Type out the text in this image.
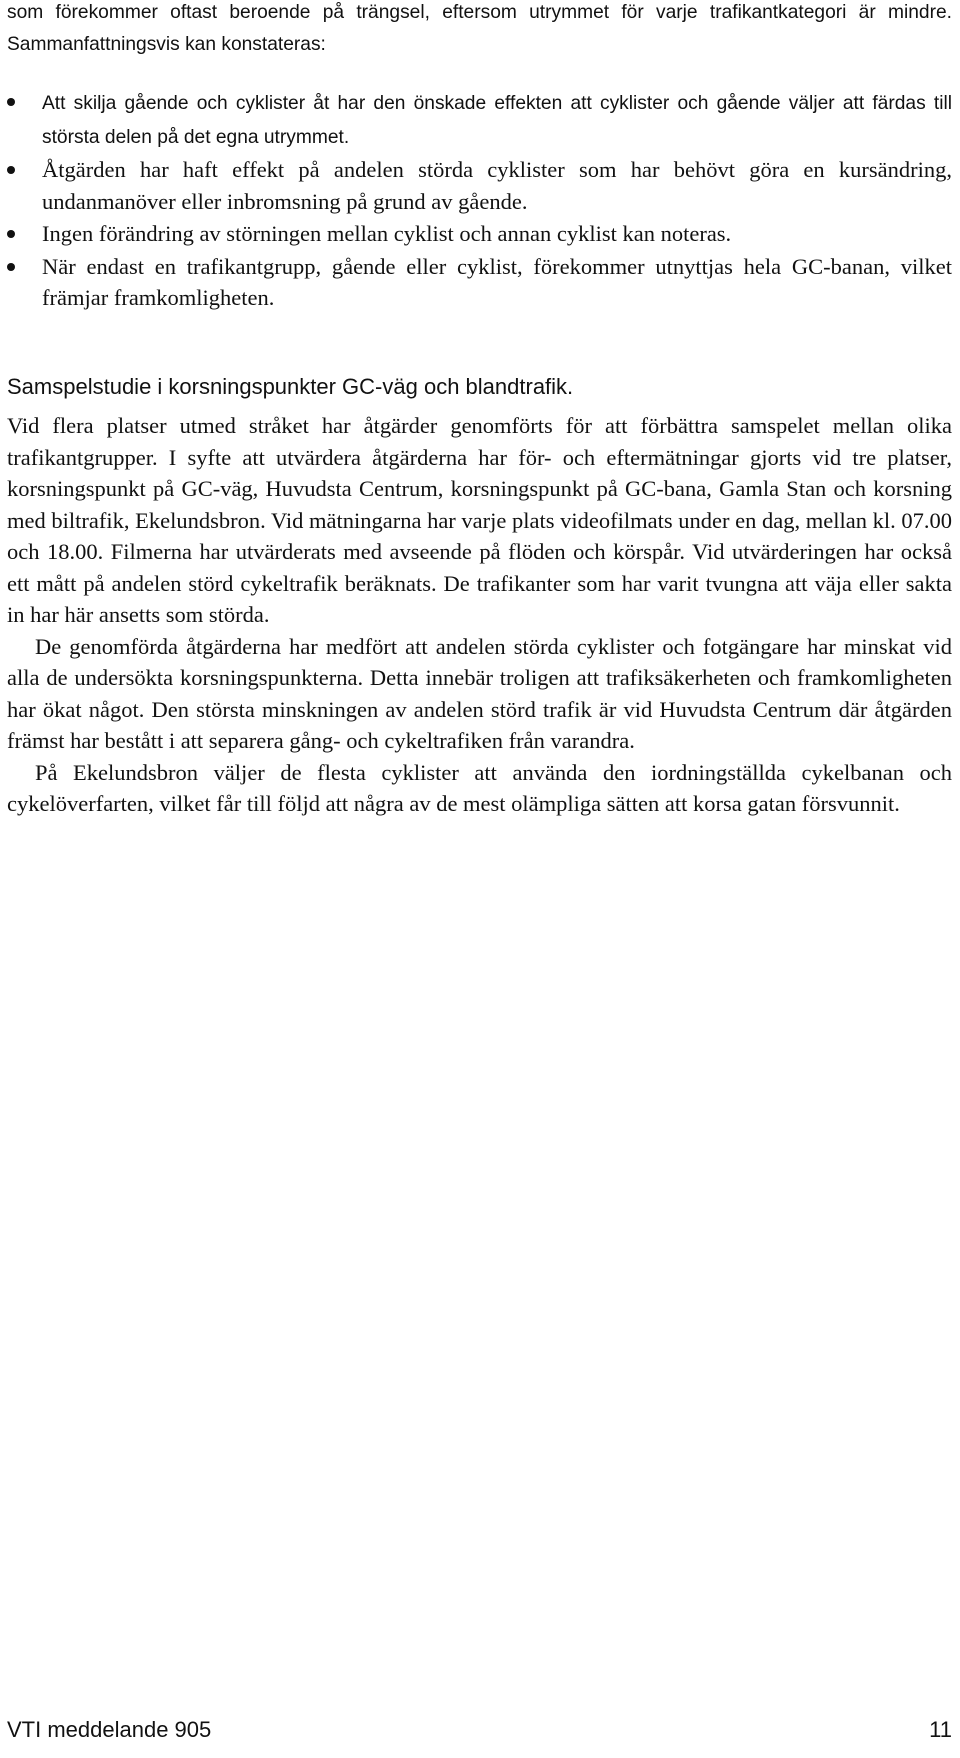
som förekommer oftast beroende på trängsel, eftersom utrymmet för varje trafikantkategori är mindre. Sammanfattningsvis kan konstateras:

Att skilja gående och cyklister åt har den önskade effekten att cyklister och gående väljer att färdas till största delen på det egna utrymmet.
Åtgärden har haft effekt på andelen störda cyklister som har behövt göra en kursändring, undanmanöver eller inbromsning på grund av gående.
Ingen förändring av störningen mellan cyklist och annan cyklist kan noteras.
När endast en trafikantgrupp, gående eller cyklist, förekommer utnyttjas hela GC-banan, vilket främjar framkomligheten.
Samspelstudie i korsningspunkter GC-väg och blandtrafik.

Vid flera platser utmed stråket har åtgärder genomförts för att förbättra samspelet mellan olika trafikantgrupper. I syfte att utvärdera åtgärderna har för- och eftermätningar gjorts vid tre platser, korsningspunkt på GC-väg, Huvudsta Centrum, korsningspunkt på GC-bana, Gamla Stan och korsning med biltrafik, Ekelundsbron. Vid mätningarna har varje plats videofilmats under en dag, mellan kl. 07.00 och 18.00. Filmerna har utvärderats med avseende på flöden och körspår. Vid utvärderingen har också ett mått på andelen störd cykeltrafik beräknats. De trafikanter som har varit tvungna att väja eller sakta in har här ansetts som störda.

De genomförda åtgärderna har medfört att andelen störda cyklister och fotgängare har minskat vid alla de undersökta korsningspunkterna. Detta innebär troligen att trafiksäkerheten och framkomligheten har ökat något. Den största minskningen av andelen störd trafik är vid Huvudsta Centrum där åtgärden främst har bestått i att separera gång- och cykeltrafiken från varandra.

På Ekelundsbron väljer de flesta cyklister att använda den iordningställda cykelbanan och cykelöverfarten, vilket får till följd att några av de mest olämpliga sätten att korsa gatan försvunnit.

VTI meddelande 905	11
